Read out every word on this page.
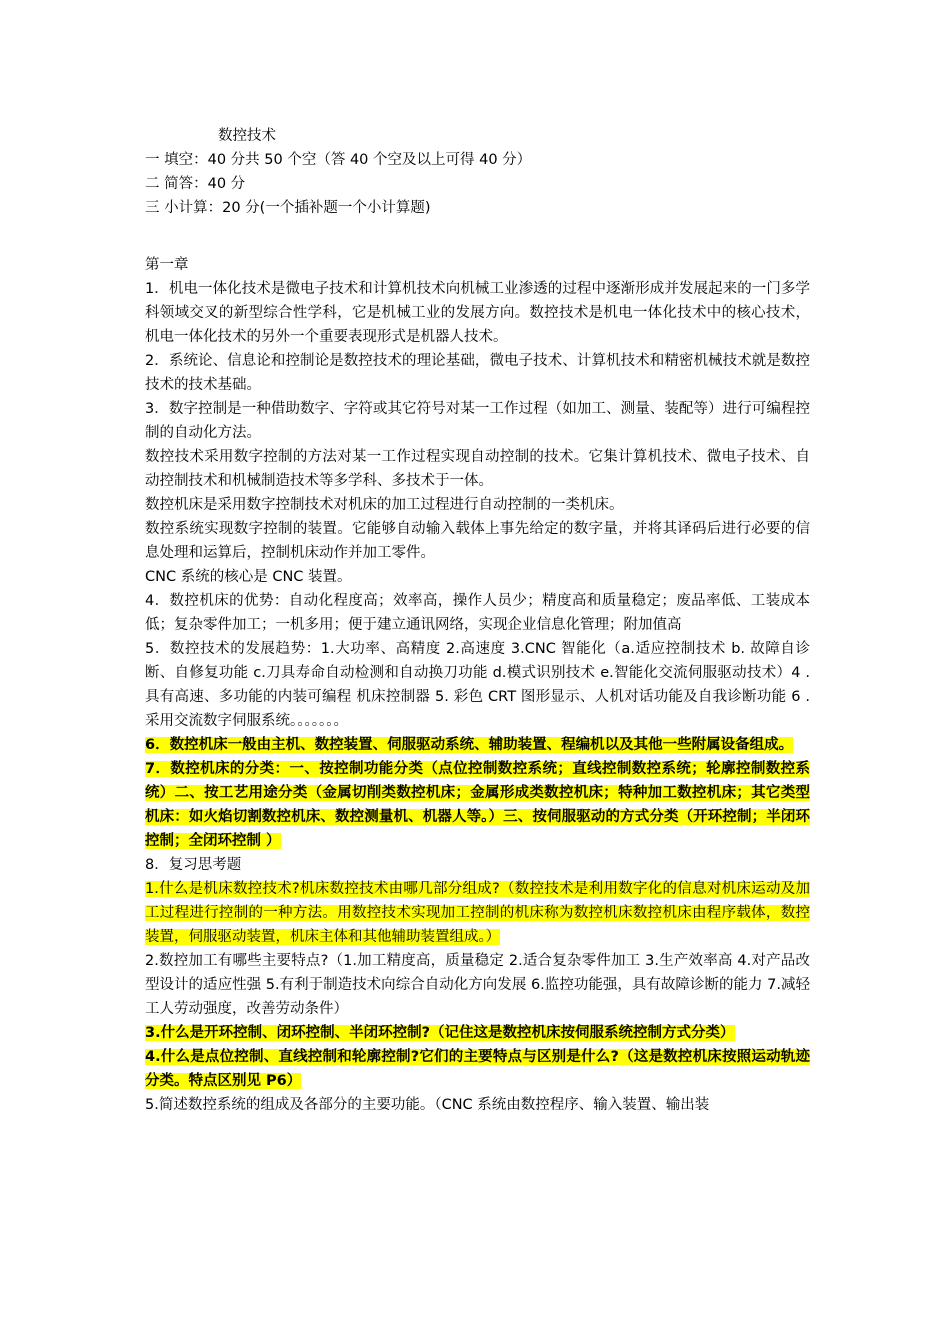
数控技术
一 填空：40 分共 50 个空（答 40 个空及以上可得 40 分）
二 简答：40 分
三 小计算：20 分(一个插补题一个小计算题)
第一章

1．机电一体化技术是微电子技术和计算机技术向机械工业渗透的过程中逐渐形成并发展起来的一门多学科领域交叉的新型综合性学科，它是机械工业的发展方向。数控技术是机电一体化技术中的核心技术，机电一体化技术的另外一个重要表现形式是机器人技术。

2．系统论、信息论和控制论是数控技术的理论基础，微电子技术、计算机技术和精密机械技术就是数控技术的技术基础。

3．数字控制是一种借助数字、字符或其它符号对某一工作过程（如加工、测量、装配等）进行可编程控制的自动化方法。

数控技术采用数字控制的方法对某一工作过程实现自动控制的技术。它集计算机技术、微电子技术、自动控制技术和机械制造技术等多学科、多技术于一体。

数控机床是采用数字控制技术对机床的加工过程进行自动控制的一类机床。

数控系统实现数字控制的装置。它能够自动输入载体上事先给定的数字量，并将其译码后进行必要的信息处理和运算后，控制机床动作并加工零件。

CNC 系统的核心是 CNC 装置。

4．数控机床的优势：自动化程度高；效率高，操作人员少；精度高和质量稳定；废品率低、工装成本低；复杂零件加工；一机多用；便于建立通讯网络，实现企业信息化管理；附加值高

5．数控技术的发展趋势：1.大功率、高精度 2.高速度 3.CNC 智能化（a.适应控制技术 b. 故障自诊断、自修复功能 c.刀具寿命自动检测和自动换刀功能 d.模式识别技术 e.智能化交流伺服驱动技术）4 .具有高速、多功能的内装可编程 机床控制器 5. 彩色 CRT 图形显示、人机对话功能及自我诊断功能 6 .采用交流数字伺服系统。。。。。。。

6．数控机床一般由主机、数控装置、伺服驱动系统、辅助装置、程编机以及其他一些附属设备组成。

7．数控机床的分类：一、按控制功能分类（点位控制数控系统；直线控制数控系统；轮廓控制数控系统）二、按工艺用途分类（金属切削类数控机床；金属形成类数控机床；特种加工数控机床；其它类型机床：如火焰切割数控机床、数控测量机、机器人等。）三、按伺服驱动的方式分类（开环控制；半闭环控制；全闭环控制 ）

8．复习思考题

1.什么是机床数控技术?机床数控技术由哪几部分组成?（数控技术是利用数字化的信息对机床运动及加工过程进行控制的一种方法。用数控技术实现加工控制的机床称为数控机床数控机床由程序载体，数控装置，伺服驱动装置，机床主体和其他辅助装置组成。）

2.数控加工有哪些主要特点?（1.加工精度高，质量稳定 2.适合复杂零件加工 3.生产效率高 4.对产品改型设计的适应性强 5.有利于制造技术向综合自动化方向发展 6.监控功能强，具有故障诊断的能力 7.减轻工人劳动强度，改善劳动条件）

3.什么是开环控制、闭环控制、半闭环控制?（记住这是数控机床按伺服系统控制方式分类）

4.什么是点位控制、直线控制和轮廓控制?它们的主要特点与区别是什么?（这是数控机床按照运动轨迹分类。特点区别见 P6）

5.简述数控系统的组成及各部分的主要功能。（CNC 系统由数控程序、输入装置、输出装
